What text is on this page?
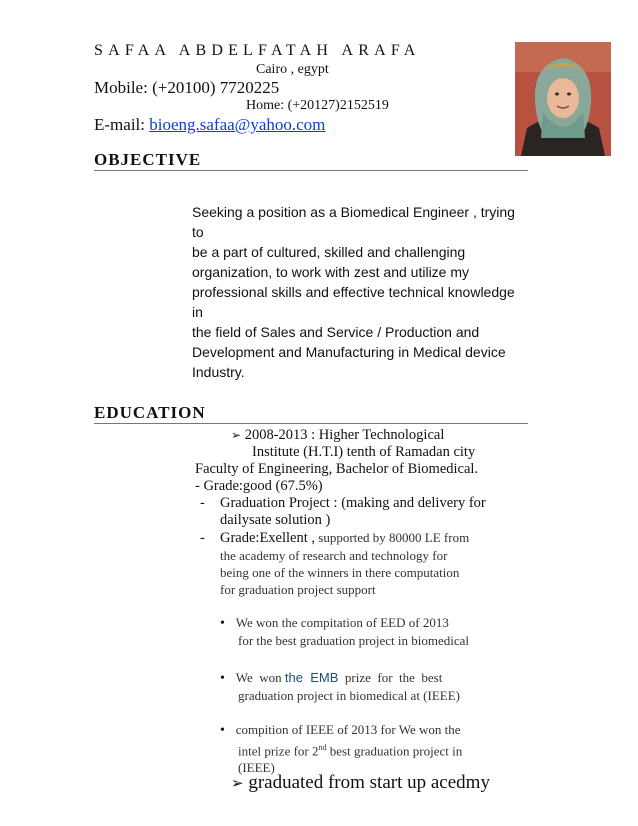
SAFAA ABDELFATAH ARAFA
Cairo , egypt
Mobile: (+20100) 7720225
Home: (+20127)2152519
E-mail: bioeng.safaa@yahoo.com
OBJECTIVE
Seeking a position as a Biomedical Engineer , trying to
be a part of cultured, skilled and challenging
organization, to work with zest and utilize my
professional skills and effective technical knowledge in
the field of Sales and Service / Production and
Development and Manufacturing in Medical device
Industry.
EDUCATION
➢ 2008-2013 : Higher Technological
Institute (H.T.I) tenth of Ramadan city
Faculty of Engineering, Bachelor of Biomedical.
- Grade:good (67.5%)
- Graduation Project : (making and delivery for
dailysate solution )
- Grade:Exellent , supported by 80000 LE from
the academy of research and technology for
being one of the winners in there computation
for graduation project support
• We won the compitation of EED of 2013
for the best graduation project in biomedical
• We  won the  EMB  prize  for  the  best
graduation project in biomedical at (IEEE)
• compition of IEEE of 2013 for We won the
intel prize for 2nd best graduation project in
(IEEE)
➢ graduated from start up acedmy
